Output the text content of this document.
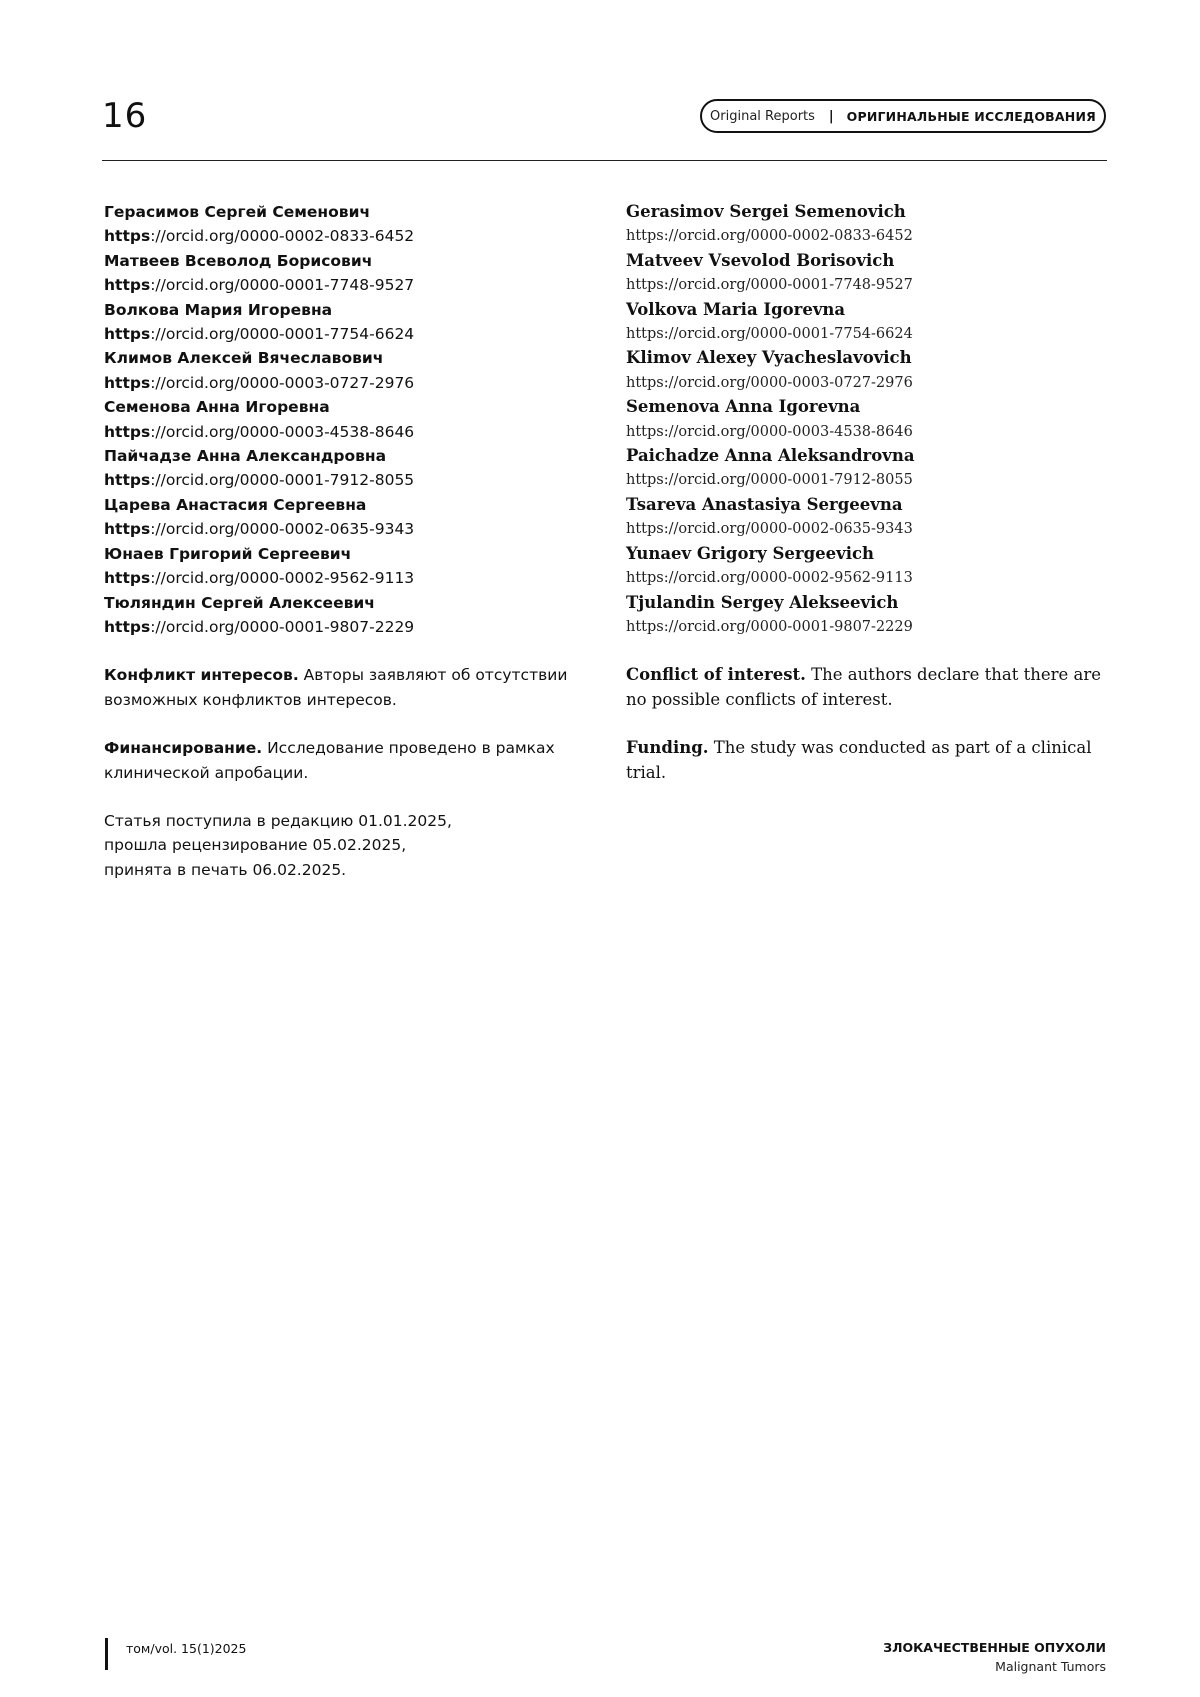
16	Original Reports | ОРИГИНАЛЬНЫЕ ИССЛЕДОВАНИЯ
Герасимов Сергей Семенович
https://orcid.org/0000-0002-0833-6452
Матвеев Всеволод Борисович
https://orcid.org/0000-0001-7748-9527
Волкова Мария Игоревна
https://orcid.org/0000-0001-7754-6624
Климов Алексей Вячеславович
https://orcid.org/0000-0003-0727-2976
Семенова Анна Игоревна
https://orcid.org/0000-0003-4538-8646
Пайчадзе Анна Александровна
https://orcid.org/0000-0001-7912-8055
Царева Анастасия Сергеевна
https://orcid.org/0000-0002-0635-9343
Юнаев Григорий Сергеевич
https://orcid.org/0000-0002-9562-9113
Тюляндин Сергей Алексеевич
https://orcid.org/0000-0001-9807-2229
Конфликт интересов. Авторы заявляют об отсутствии возможных конфликтов интересов.
Финансирование. Исследование проведено в рамках клинической апробации.
Статья поступила в редакцию 01.01.2025,
прошла рецензирование 05.02.2025,
принята в печать 06.02.2025.
Gerasimov Sergei Semenovich
https://orcid.org/0000-0002-0833-6452
Matveev Vsevolod Borisovich
https://orcid.org/0000-0001-7748-9527
Volkova Maria Igorevna
https://orcid.org/0000-0001-7754-6624
Klimov Alexey Vyacheslavovich
https://orcid.org/0000-0003-0727-2976
Semenova Anna Igorevna
https://orcid.org/0000-0003-4538-8646
Paichadze Anna Aleksandrovna
https://orcid.org/0000-0001-7912-8055
Tsareva Anastasiya Sergeevna
https://orcid.org/0000-0002-0635-9343
Yunaev Grigory Sergeevich
https://orcid.org/0000-0002-9562-9113
Tjulandin Sergey Alekseevich
https://orcid.org/0000-0001-9807-2229
Conflict of interest. The authors declare that there are no possible conflicts of interest.
Funding. The study was conducted as part of a clinical trial.
том/vol. 15(1)2025	ЗЛОКАЧЕСТВЕННЫЕ ОПУХОЛИ
Malignant Tumors
